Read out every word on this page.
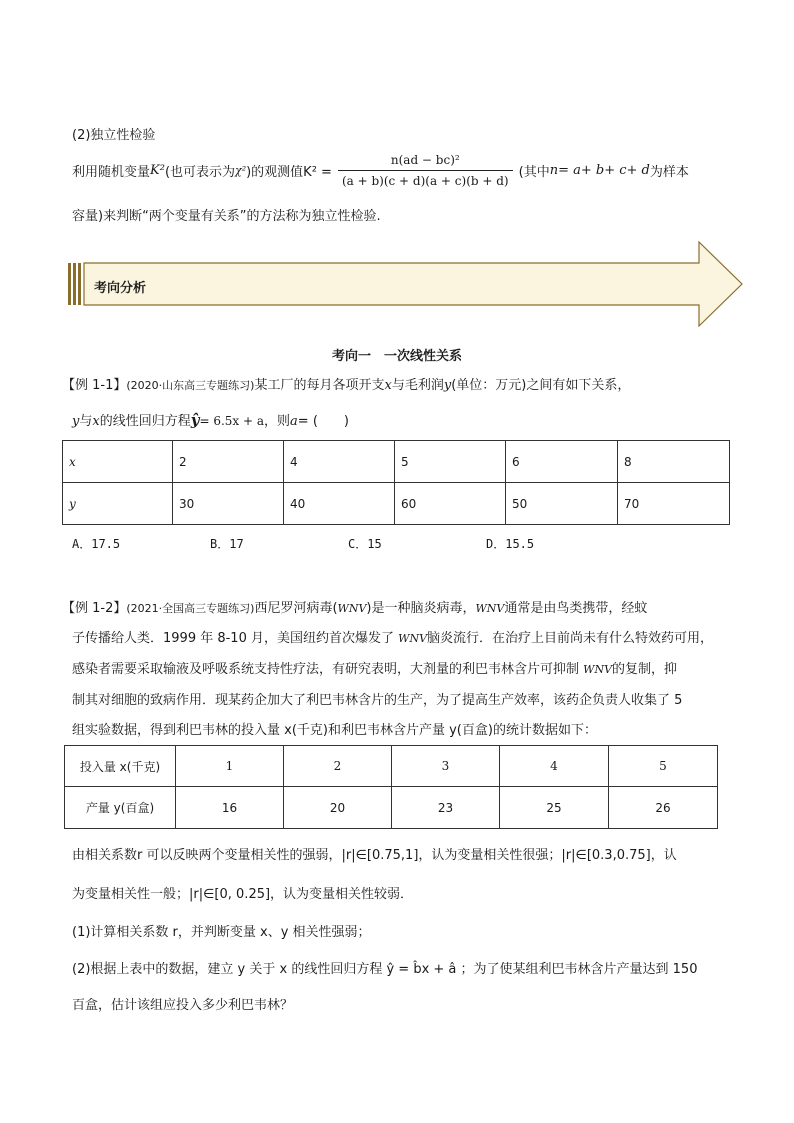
(2)独立性检验
利用随机变量 K² (也可表示为 χ² )的观测值$K^2 = \frac{\text{n(ad − bc)²}}{(a + b)(c + d)(a + c)(b + d)}$ (其中 n= a+ b+ c+ d 为样本
容量)来判断“两个变量有关系”的方法称为独立性检验.
考向分析
考向一　一次线性关系
【例 1-1】(2020·山东高三专题练习)某工厂的每月各项开支x与毛利润y(单位：万元)之间有如下关系，
y与x的线性回归方程ŷ= 6.5x + a，则a= (　　)
x	2	4	5	6	8
y	30	40	60	50	70
A．17.5	B．17	C．15	D．15.5
【例 1-2】(2021·全国高三专题练习)西尼罗河病毒(WNV)是一种脑炎病毒，WNV通常是由鸟类携带，经蚊
子传播给人类．1999 年 8-10 月，美国纽约首次爆发了 WNV脑炎流行．在治疗上目前尚未有什么特效药可用，
感染者需要采取输液及呼吸系统支持性疗法，有研究表明，大剂量的利巴韦林含片可抑制 WNV的复制，抑
制其对细胞的致病作用．现某药企加大了利巴韦林含片的生产，为了提高生产效率，该药企负责人收集了 5
组实验数据，得到利巴韦林的投入量 x(千克)和利巴韦林含片产量 y(百盒)的统计数据如下：
投入量 x(千克)	1	2	3	4	5
产量 y(百盒)	16	20	23	25	26
由相关系数r 可以反映两个变量相关性的强弱，|r|∈[0.75,1]，认为变量相关性很强；|r|∈[0.3,0.75]，认
为变量相关性一般；|r|∈[0, 0.25]，认为变量相关性较弱．
(1)计算相关系数 r，并判断变量 x、y 相关性强弱；
(2)根据上表中的数据，建立 y 关于 x 的线性回归方程 ŷ = b̂x + â ；为了使某组利巴韦林含片产量达到 150
百盒，估计该组应投入多少利巴韦林？
